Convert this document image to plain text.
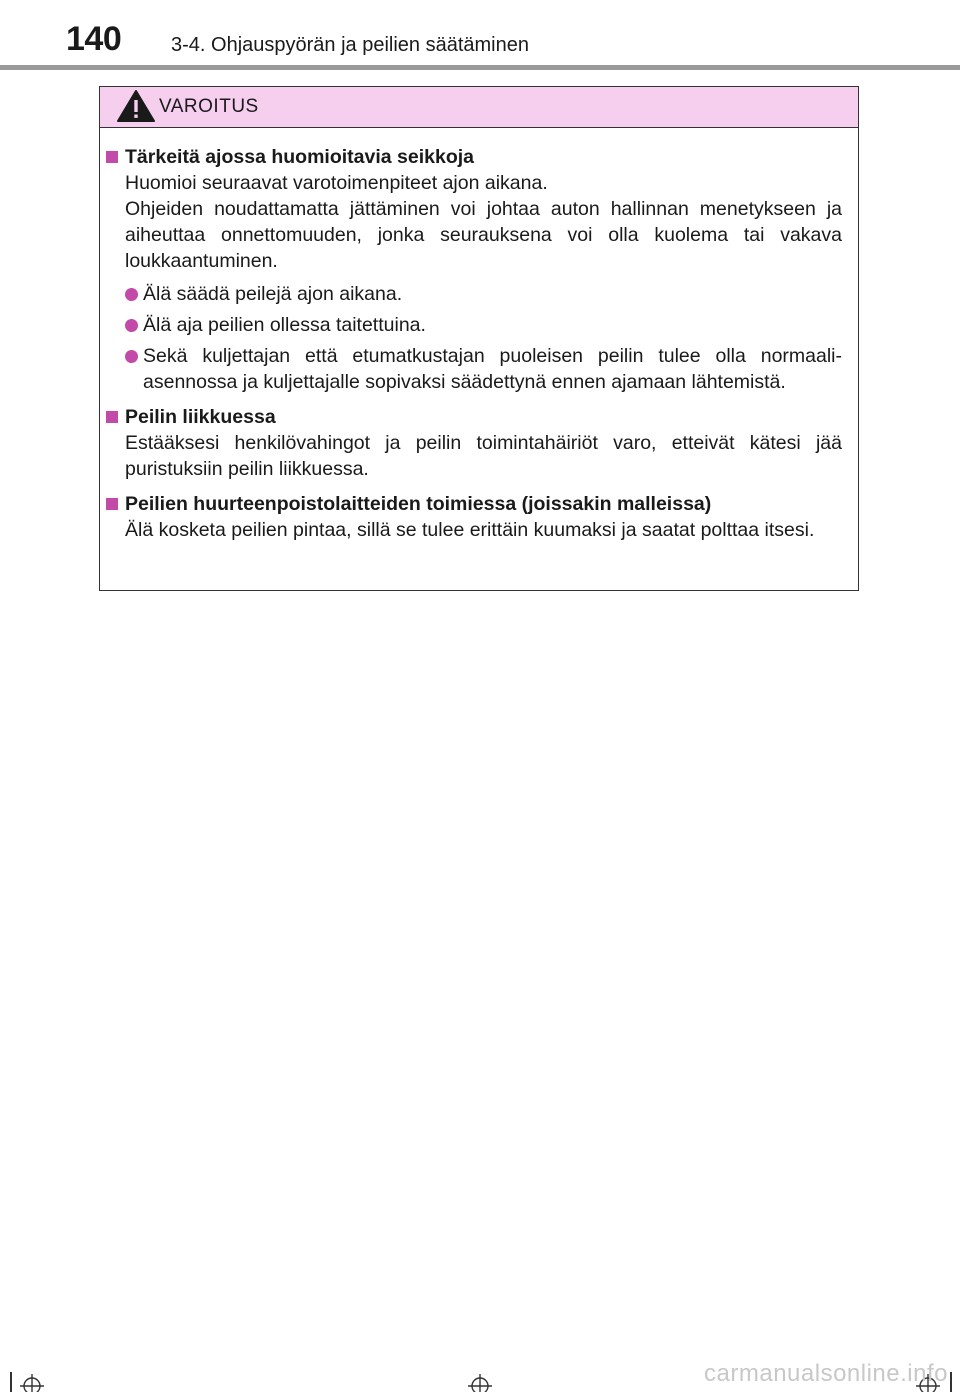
140 3-4. Ohjauspyörän ja peilien säätäminen
VAROITUS
Tärkeitä ajossa huomioitavia seikkoja

Huomioi seuraavat varotoimenpiteet ajon aikana.

Ohjeiden noudattamatta jättäminen voi johtaa auton hallinnan menetykseen ja aiheuttaa onnettomuuden, jonka seurauksena voi olla kuolema tai vakava loukkaantuminen.

Älä säädä peilejä ajon aikana.
Älä aja peilien ollessa taitettuina.
Sekä kuljettajan että etumatkustajan puoleisen peilin tulee olla normaali-asennossa ja kuljettajalle sopivaksi säädettynä ennen ajamaan lähtemistä.
Peilin liikkuessa

Estääksesi henkilövahingot ja peilin toimintahäiriöt varo, etteivät kätesi jää puristuksiin peilin liikkuessa.

Peilien huurteenpoistolaitteiden toimiessa (joissakin malleissa)

Älä kosketa peilien pintaa, sillä se tulee erittäin kuumaksi ja saatat polttaa itsesi.

carmanualsonline.info
